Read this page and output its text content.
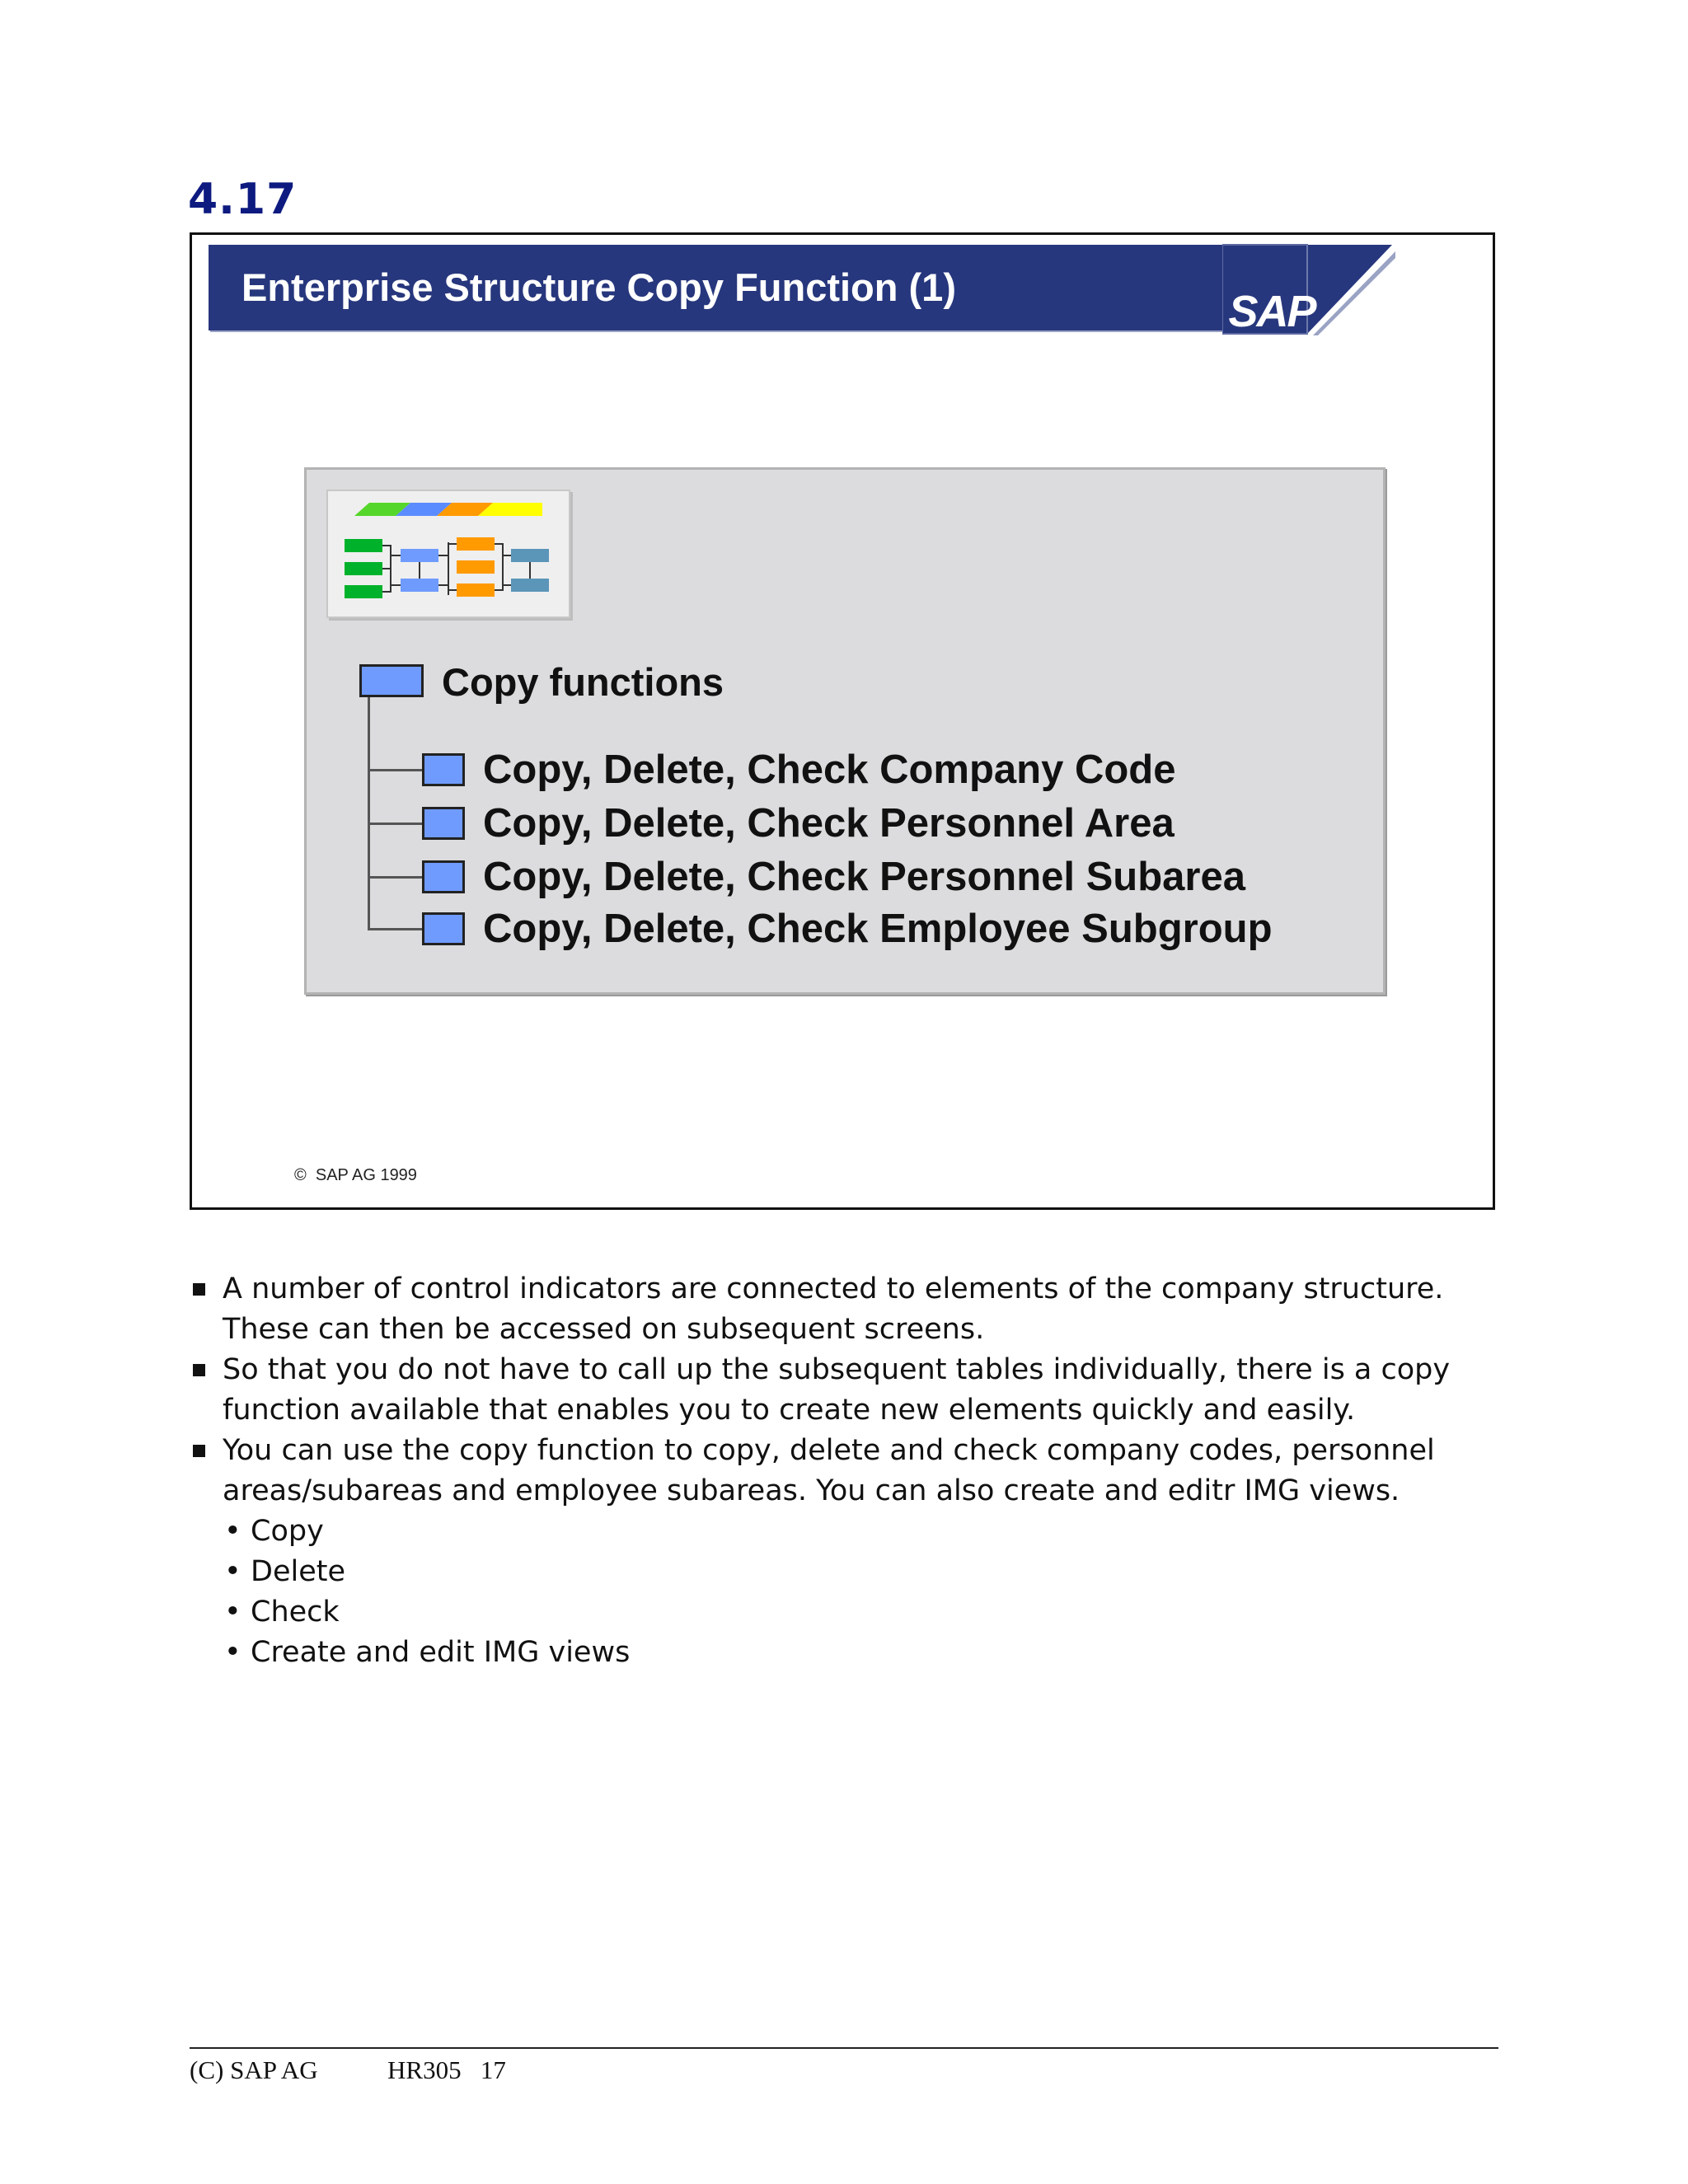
4.17
Enterprise Structure Copy Function (1)	SAP
Copy functions
Copy, Delete, Check Company Code
Copy, Delete, Check Personnel Area
Copy, Delete, Check Personnel Subarea
Copy, Delete, Check Employee Subgroup
© SAP AG 1999

A number of control indicators are connected to elements of the company structure. These can then be accessed on subsequent screens.

So that you do not have to call up the subsequent tables individually, there is a copy function available that enables you to create new elements quickly and easily.

You can use the copy function to copy, delete and check company codes, personnel areas/subareas and employee subareas. You can also create and editr IMG views.

• Copy

• Delete

• Check

• Create and edit IMG views

(C) SAP AG	HR305 17
